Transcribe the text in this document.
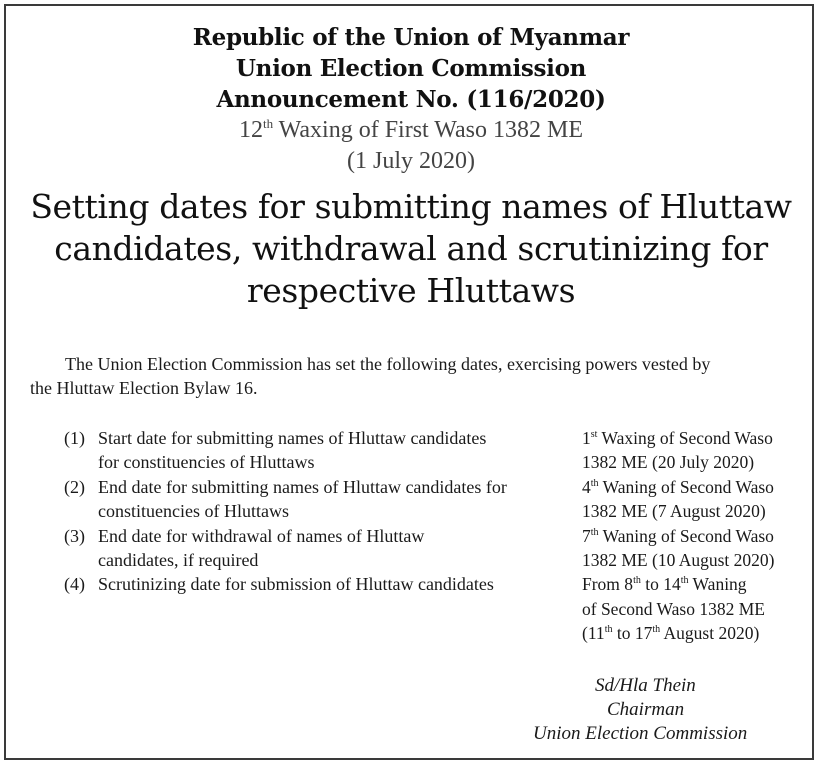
Republic of the Union of Myanmar
Union Election Commission
Announcement No. (116/2020)
12th Waxing of First Waso 1382 ME
(1 July 2020)
Setting dates for submitting names of Hluttaw
candidates, withdrawal and scrutinizing for
respective Hluttaws
The Union Election Commission has set the following dates, exercising powers vested by
the Hluttaw Election Bylaw 16.
(1) Start date for submitting names of Hluttaw candidates	1st Waxing of Second Waso
for constituencies of Hluttaws	1382 ME (20 July 2020)
(2) End date for submitting names of Hluttaw candidates for	4th Waning of Second Waso
constituencies of Hluttaws	1382 ME (7 August 2020)
(3) End date for withdrawal of names of Hluttaw	7th Waning of Second Waso
candidates, if required	1382 ME (10 August 2020)
(4) Scrutinizing date for submission of Hluttaw candidates	From 8th to 14th Waning
of Second Waso 1382 ME
(11th to 17th August 2020)
Sd/Hla Thein
Chairman
Union Election Commission
